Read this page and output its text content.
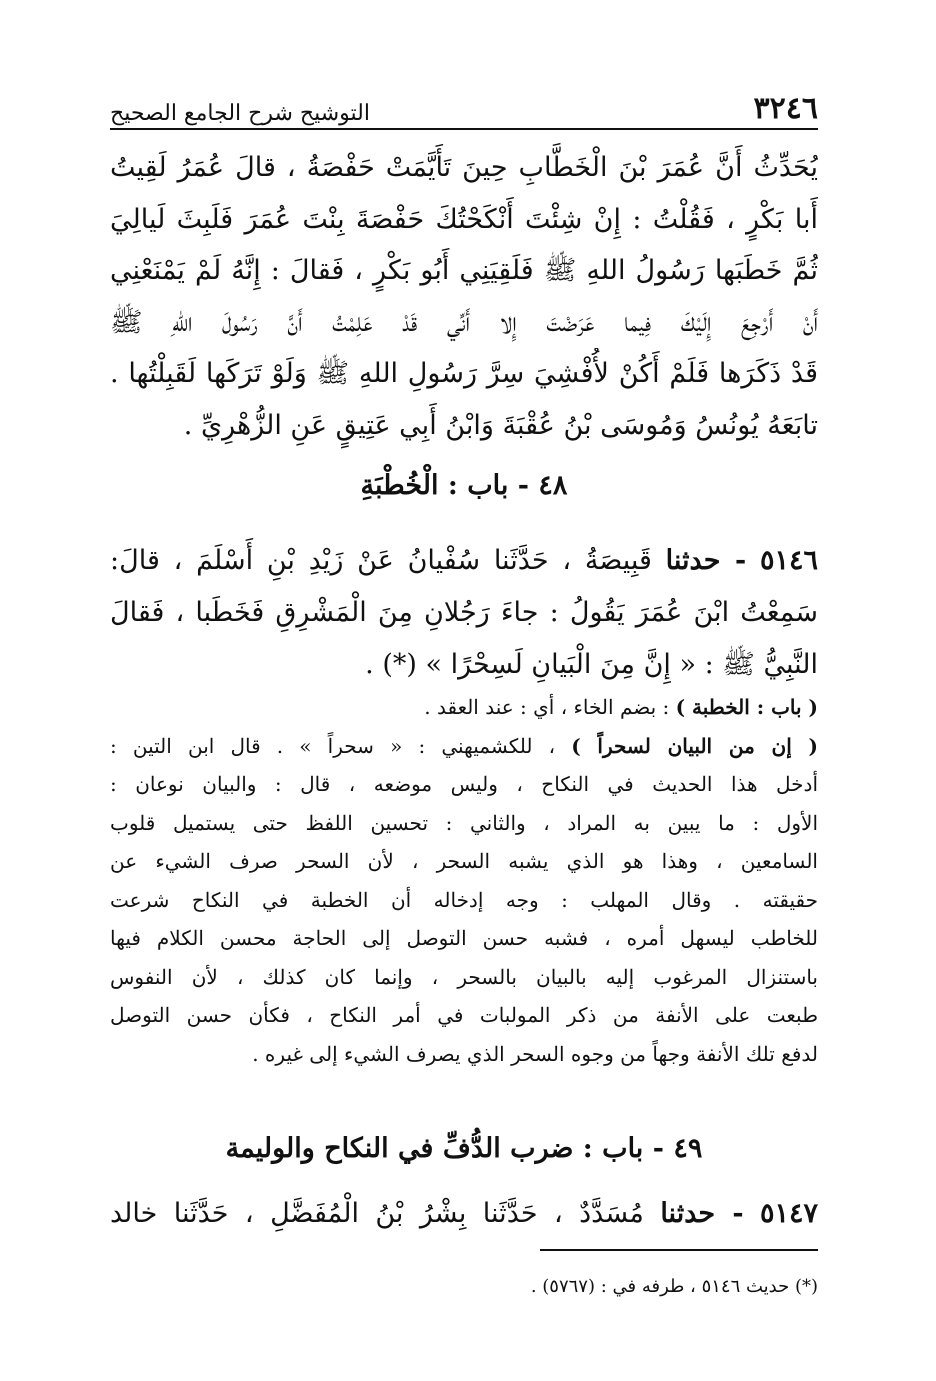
٣٢٤٦
التوشيح شرح الجامع الصحيح
يُحَدِّثُ أَنَّ عُمَرَ بْنَ الْخَطَّابِ حِينَ تَأَيَّمَتْ حَفْصَةُ ، قالَ عُمَرُ لَقِيتُ
أَبا بَكْرٍ ، فَقُلْتُ : إِنْ شِئْتَ أَنْكَحْتُكَ حَفْصَةَ بِنْتَ عُمَرَ فَلَبِثَ لَيالِيَ
ثُمَّ خَطَبَها رَسُولُ اللهِ ﷺ فَلَقِيَنِي أَبُو بَكْرٍ ، فَقالَ : إِنَّهُ لَمْ يَمْنَعْنِي
أَنْ أَرْجِعَ إِلَيْكَ فِيما عَرَضْتَ إِلا أَنِّي قَدْ عَلِمْتُ أَنَّ رَسُولَ اللهِ ﷺ
قَدْ ذَكَرَها فَلَمْ أَكُنْ لأُفْشِيَ سِرَّ رَسُولِ اللهِ ﷺ وَلَوْ تَرَكَها لَقَبِلْتُها .
تابَعَهُ يُونُسُ وَمُوسَى بْنُ عُقْبَةَ وَابْنُ أَبِي عَتِيقٍ عَنِ الزُّهْرِيِّ .
٤٨ - باب : الْخُطْبَةِ
٥١٤٦ - حدثنا قَبِيصَةُ ، حَدَّثَنا سُفْيانُ عَنْ زَيْدِ بْنِ أَسْلَمَ ، قالَ:
سَمِعْتُ ابْنَ عُمَرَ يَقُولُ : جاءَ رَجُلانِ مِنَ الْمَشْرِقِ فَخَطَبا ، فَقالَ
النَّبِيُّ ﷺ : « إِنَّ مِنَ الْبَيانِ لَسِحْرًا » (*) .
( باب : الخطبة ) : بضم الخاء ، أي : عند العقد .
( إن من البيان لسحراً ) ، للكشميهني : « سحراً » . قال ابن التين :
أدخل هذا الحديث في النكاح ، وليس موضعه ، قال : والبيان نوعان :
الأول : ما يبين به المراد ، والثاني : تحسين اللفظ حتى يستميل قلوب
السامعين ، وهذا هو الذي يشبه السحر ، لأن السحر صرف الشيء عن
حقيقته . وقال المهلب : وجه إدخاله أن الخطبة في النكاح شرعت
للخاطب ليسهل أمره ، فشبه حسن التوصل إلى الحاجة محسن الكلام فيها
باستنزال المرغوب إليه بالبيان بالسحر ، وإنما كان كذلك ، لأن النفوس
طبعت على الأنفة من ذكر المولبات في أمر النكاح ، فكأن حسن التوصل
لدفع تلك الأنفة وجهاً من وجوه السحر الذي يصرف الشيء إلى غيره .
٤٩ - باب : ضرب الدُّفِّ في النكاح والوليمة
٥١٤٧ - حدثنا مُسَدَّدٌ ، حَدَّثَنا بِشْرُ بْنُ الْمُفَضَّلِ ، حَدَّثَنا خالد
(*) حديث ٥١٤٦ ، طرفه في : (٥٧٦٧) .
